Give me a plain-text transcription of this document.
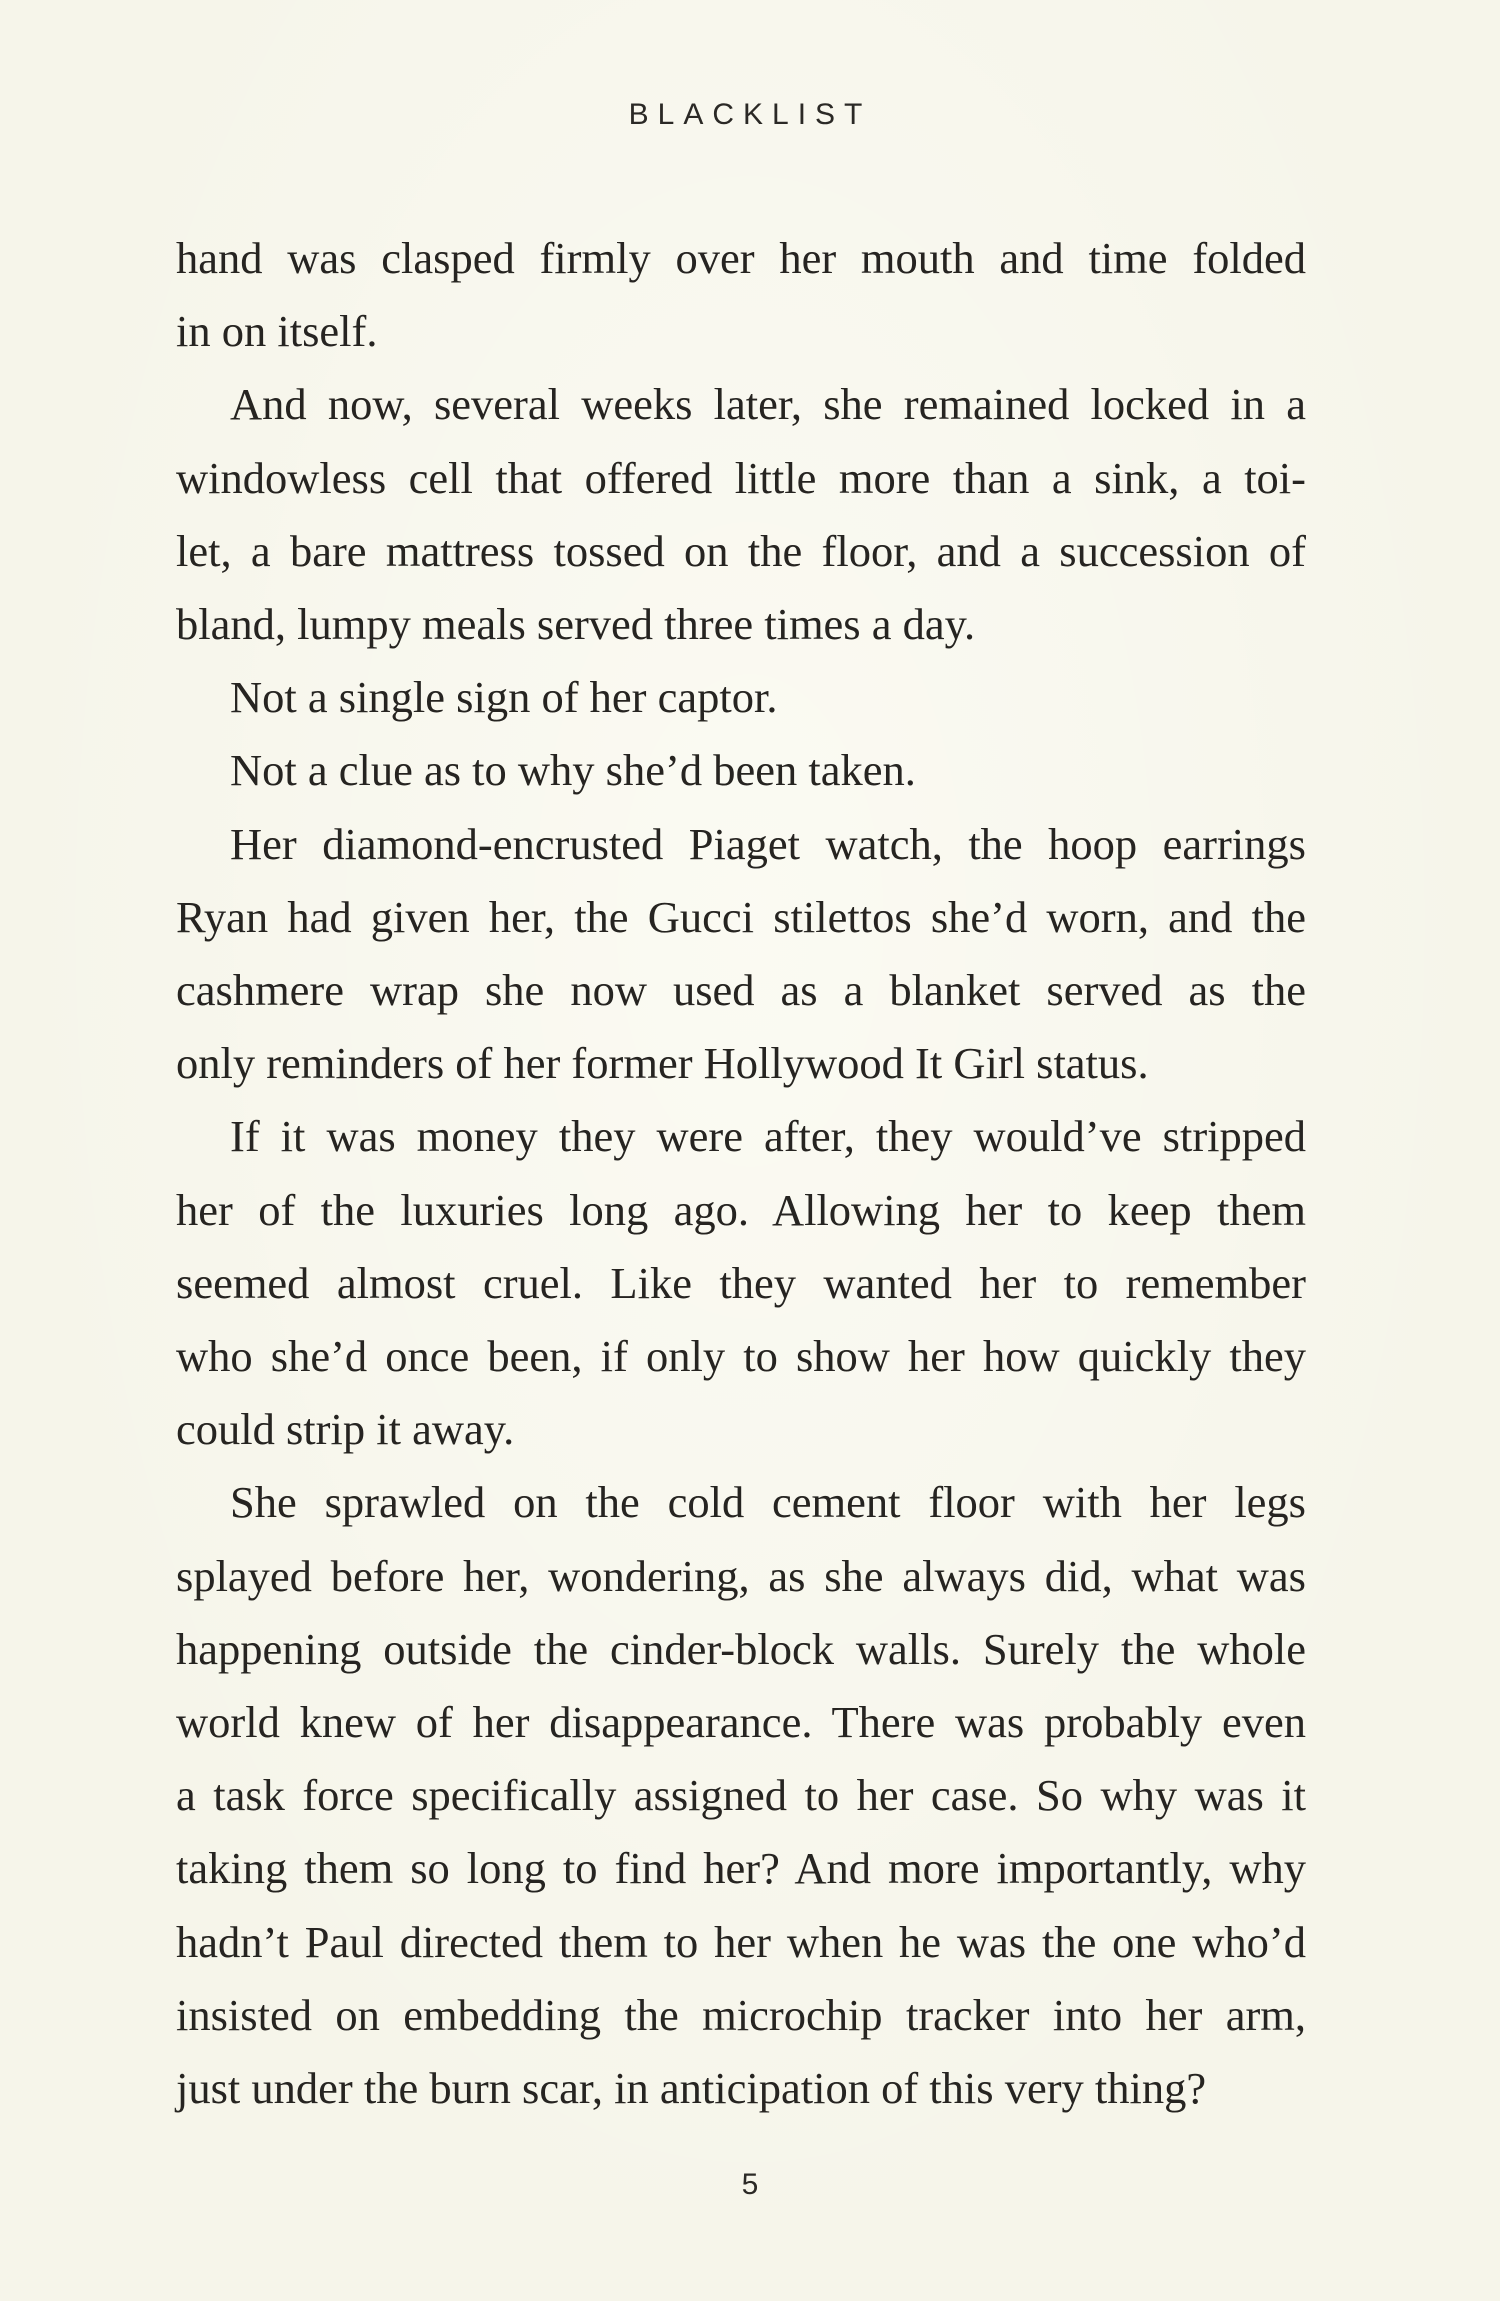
BLACKLIST
hand was clasped firmly over her mouth and time folded
in on itself.
And now, several weeks later, she remained locked in a
windowless cell that offered little more than a sink, a toi-
let, a bare mattress tossed on the floor, and a succession of
bland, lumpy meals served three times a day.
Not a single sign of her captor.
Not a clue as to why she’d been taken.
Her diamond-encrusted Piaget watch, the hoop earrings
Ryan had given her, the Gucci stilettos she’d worn, and the
cashmere wrap she now used as a blanket served as the
only reminders of her former Hollywood It Girl status.
If it was money they were after, they would’ve stripped
her of the luxuries long ago. Allowing her to keep them
seemed almost cruel. Like they wanted her to remember
who she’d once been, if only to show her how quickly they
could strip it away.
She sprawled on the cold cement floor with her legs
splayed before her, wondering, as she always did, what was
happening outside the cinder-block walls. Surely the whole
world knew of her disappearance. There was probably even
a task force specifically assigned to her case. So why was it
taking them so long to find her? And more importantly, why
hadn’t Paul directed them to her when he was the one who’d
insisted on embedding the microchip tracker into her arm,
just under the burn scar, in anticipation of this very thing?
5
